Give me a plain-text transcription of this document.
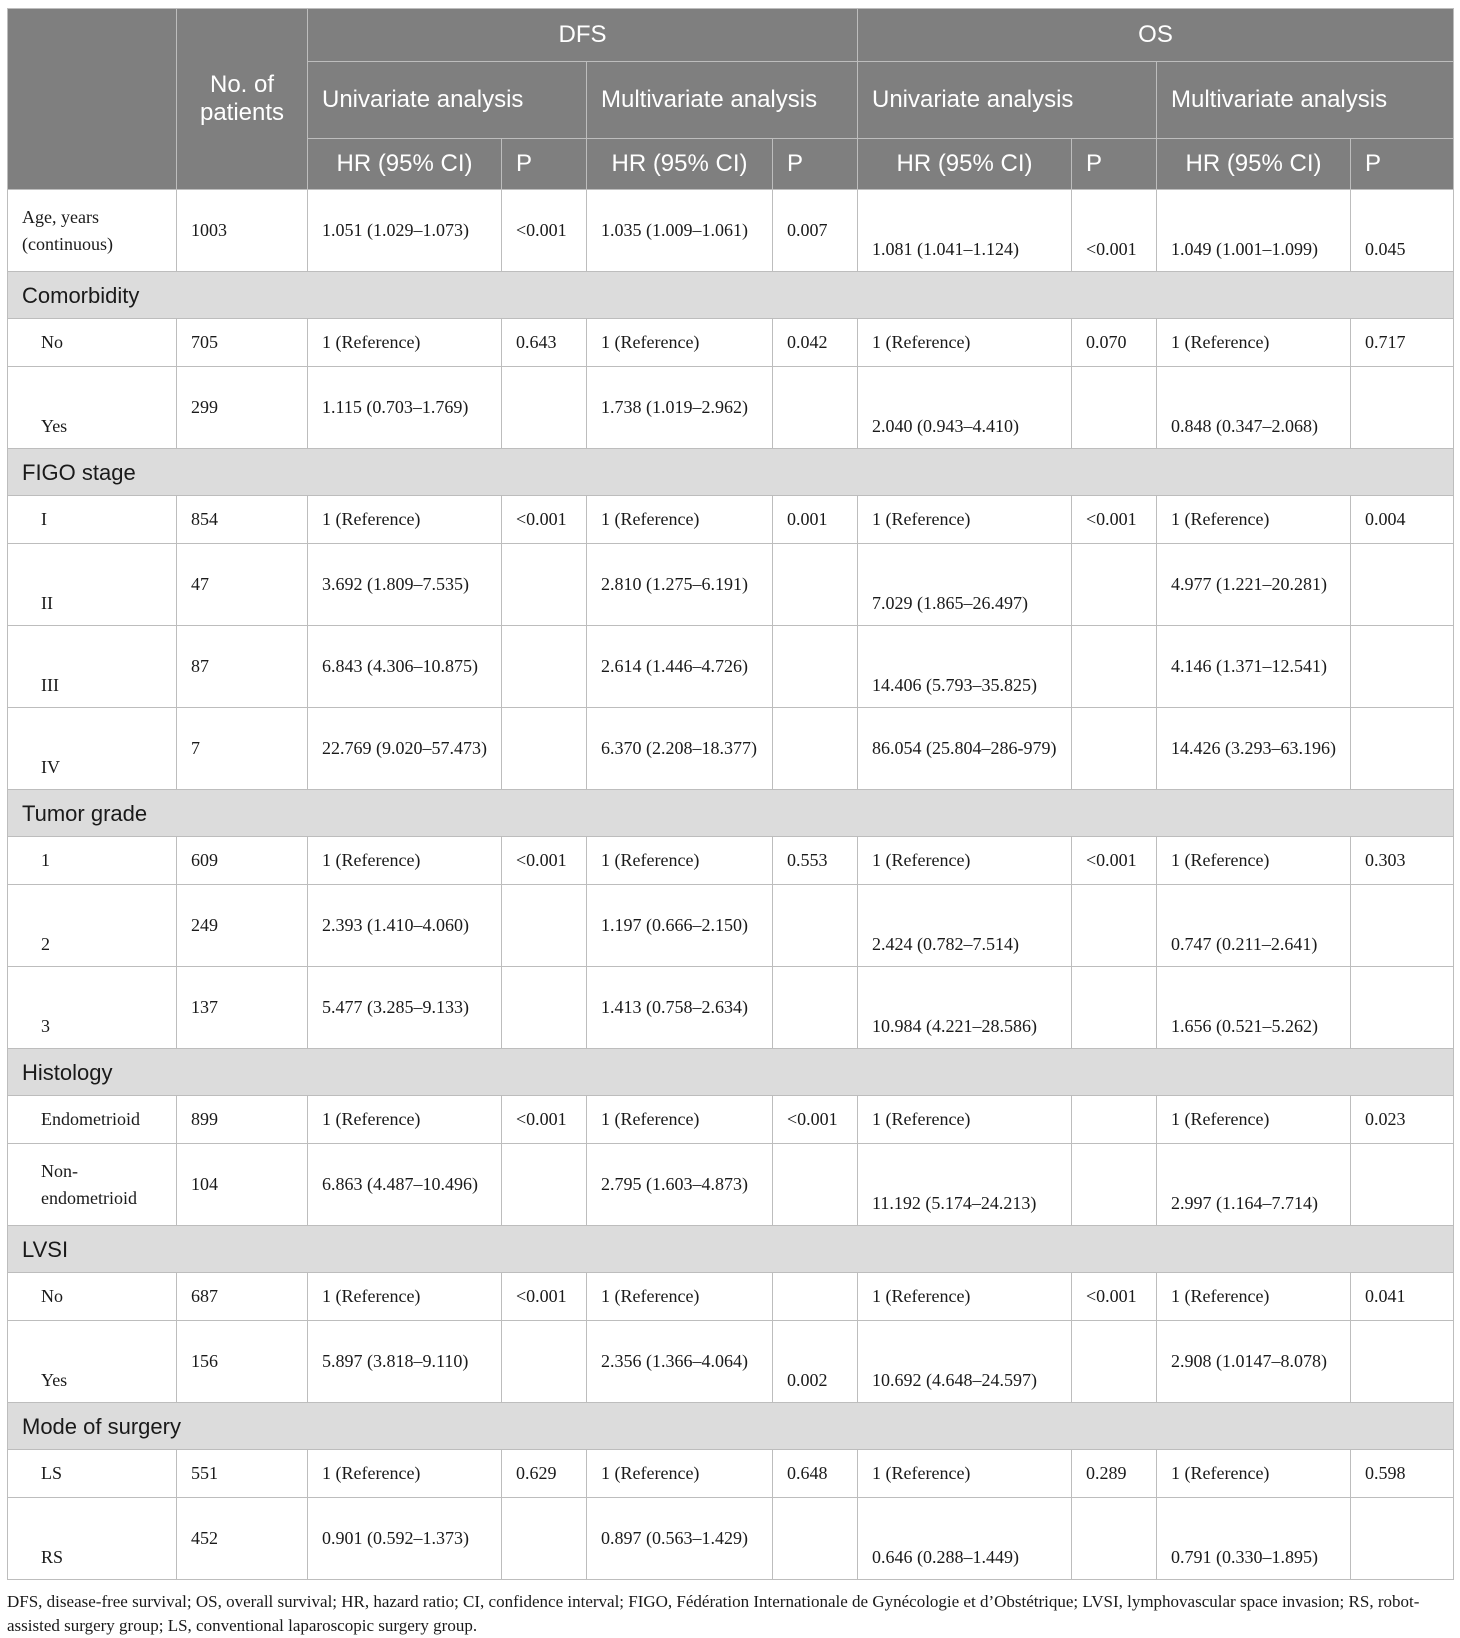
	No. of patients	DFS				OS			
		Univariate analysis		Multivariate analysis		Univariate analysis		Multivariate analysis	
		HR (95% CI)	P	HR (95% CI)	P	HR (95% CI)	P	HR (95% CI)	P
Age, years (continuous)	1003	1.051 (1.029–1.073)	<0.001	1.035 (1.009–1.061)	0.007	1.081 (1.041–1.124)	<0.001	1.049 (1.001–1.099)	0.045
Comorbidity									
No	705	1 (Reference)	0.643	1 (Reference)	0.042	1 (Reference)	0.070	1 (Reference)	0.717
Yes	299	1.115 (0.703–1.769)		1.738 (1.019–2.962)		2.040 (0.943–4.410)		0.848 (0.347–2.068)	
FIGO stage									
I	854	1 (Reference)	<0.001	1 (Reference)	0.001	1 (Reference)	<0.001	1 (Reference)	0.004
II	47	3.692 (1.809–7.535)		2.810 (1.275–6.191)		7.029 (1.865–26.497)		4.977 (1.221–20.281)	
III	87	6.843 (4.306–10.875)		2.614 (1.446–4.726)		14.406 (5.793–35.825)		4.146 (1.371–12.541)	
IV	7	22.769 (9.020–57.473)		6.370 (2.208–18.377)		86.054 (25.804–286-979)		14.426 (3.293–63.196)	
Tumor grade									
1	609	1 (Reference)	<0.001	1 (Reference)	0.553	1 (Reference)	<0.001	1 (Reference)	0.303
2	249	2.393 (1.410–4.060)		1.197 (0.666–2.150)		2.424 (0.782–7.514)		0.747 (0.211–2.641)	
3	137	5.477 (3.285–9.133)		1.413 (0.758–2.634)		10.984 (4.221–28.586)		1.656 (0.521–5.262)	
Histology									
Endometrioid	899	1 (Reference)	<0.001	1 (Reference)	<0.001	1 (Reference)		1 (Reference)	0.023
Non-endometrioid	104	6.863 (4.487–10.496)		2.795 (1.603–4.873)		11.192 (5.174–24.213)		2.997 (1.164–7.714)	
LVSI									
No	687	1 (Reference)	<0.001	1 (Reference)		1 (Reference)	<0.001	1 (Reference)	0.041
Yes	156	5.897 (3.818–9.110)		2.356 (1.366–4.064)	0.002	10.692 (4.648–24.597)		2.908 (1.0147–8.078)	
Mode of surgery									
LS	551	1 (Reference)	0.629	1 (Reference)	0.648	1 (Reference)	0.289	1 (Reference)	0.598
RS	452	0.901 (0.592–1.373)		0.897 (0.563–1.429)		0.646 (0.288–1.449)		0.791 (0.330–1.895)	
DFS, disease-free survival; OS, overall survival; HR, hazard ratio; CI, confidence interval; FIGO, Fédération Internationale de Gynécologie et d’Obstétrique; LVSI, lymphovascular space invasion; RS, robot-assisted surgery group; LS, conventional laparoscopic surgery group.
